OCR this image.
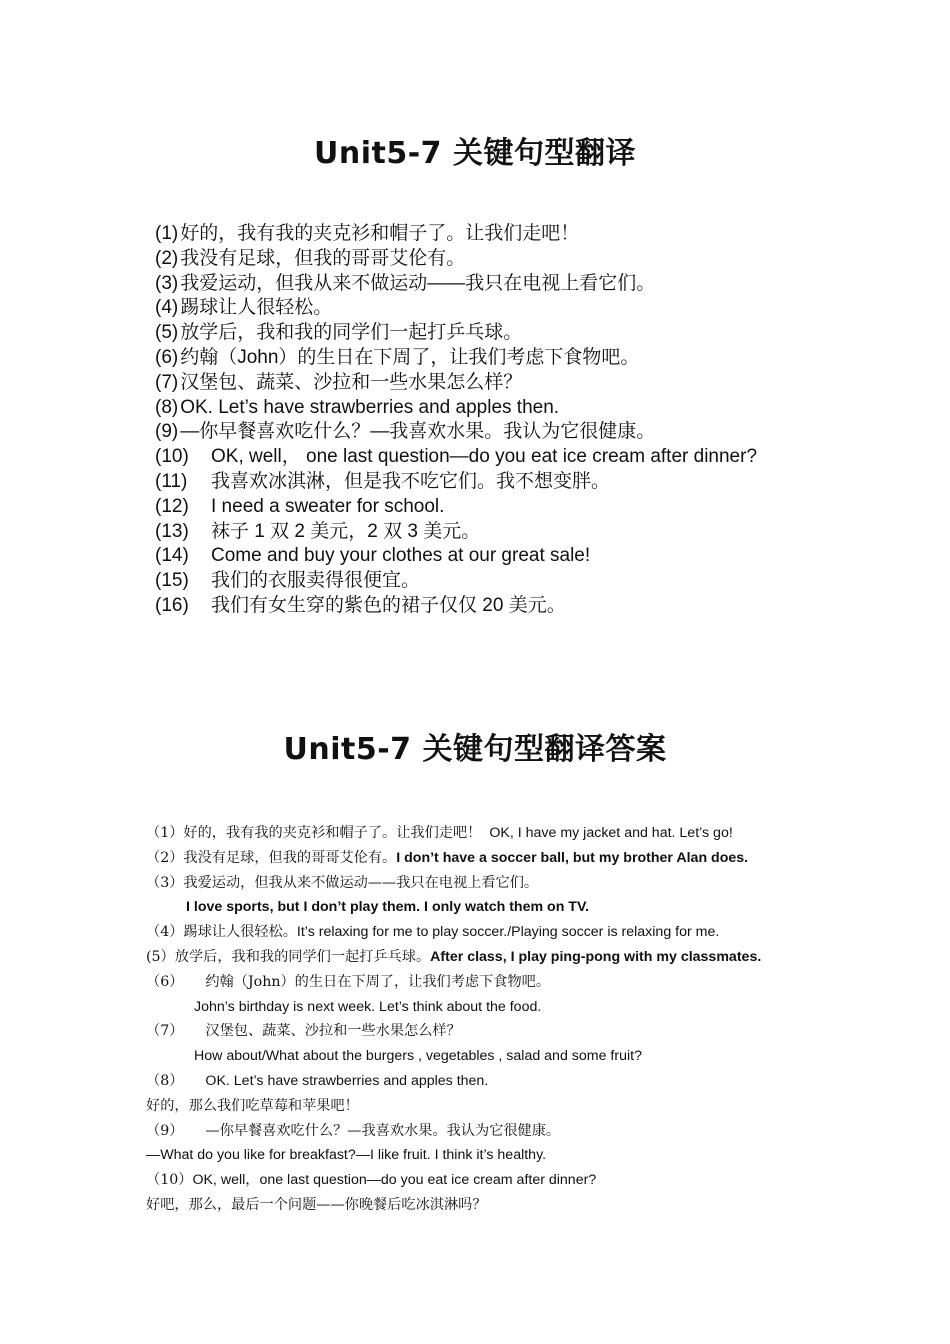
Unit5-7 关键句型翻译
(1) 好的，我有我的夹克衫和帽子了。让我们走吧！
(2) 我没有足球，但我的哥哥艾伦有。
(3) 我爱运动，但我从来不做运动——我只在电视上看它们。
(4) 踢球让人很轻松。
(5) 放学后，我和我的同学们一起打乒乓球。
(6) 约翰（John）的生日在下周了，让我们考虑下食物吧。
(7) 汉堡包、蔬菜、沙拉和一些水果怎么样？
(8) OK. Let’s have strawberries and apples then.
(9) —你早餐喜欢吃什么？—我喜欢水果。我认为它很健康。
(10)	OK, well， one last question—do you eat ice cream after dinner?
(11)	我喜欢冰淇淋，但是我不吃它们。我不想变胖。
(12)	I need a sweater for school.
(13)	袜子 1 双 2 美元，2 双 3 美元。
(14)	Come and buy your clothes at our great sale!
(15)	我们的衣服卖得很便宜。
(16)	我们有女生穿的紫色的裙子仅仅 20 美元。
Unit5-7 关键句型翻译答案
（1）好的，我有我的夹克衫和帽子了。让我们走吧！ OK, I have my jacket and hat. Let’s go!
（2）我没有足球，但我的哥哥艾伦有。I don’t have a soccer ball, but my brother Alan does.
（3）我爱运动，但我从来不做运动——我只在电视上看它们。
I love sports, but I don’t play them. I only watch them on TV.
（4）踢球让人很轻松。It’s relaxing for me to play soccer./Playing soccer is relaxing for me.
(5）放学后，我和我的同学们一起打乒乓球。After class, I play ping-pong with my classmates.
（6） 约翰（John）的生日在下周了，让我们考虑下食物吧。
John’s birthday is next week. Let’s think about the food.
（7） 汉堡包、蔬菜、沙拉和一些水果怎么样？
How about/What about the burgers , vegetables , salad and some fruit?
（8） OK. Let’s have strawberries and apples then.
好的，那么我们吃草莓和苹果吧！
（9） —你早餐喜欢吃什么？—我喜欢水果。我认为它很健康。
—What do you like for breakfast?—I like fruit. I think it’s healthy.
（10）OK, well，one last question—do you eat ice cream after dinner?
好吧，那么，最后一个问题——你晚餐后吃冰淇淋吗？
